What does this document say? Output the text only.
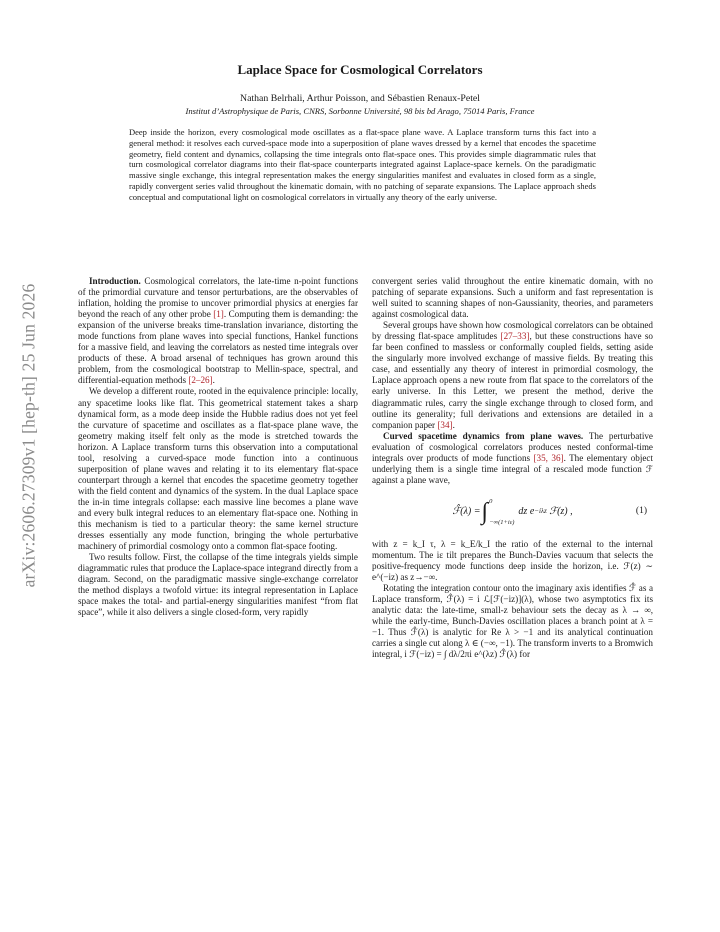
arXiv:2606.27309v1 [hep-th] 25 Jun 2026
Laplace Space for Cosmological Correlators
Nathan Belrhali, Arthur Poisson, and Sébastien Renaux-Petel
Institut d’Astrophysique de Paris, CNRS, Sorbonne Université, 98 bis bd Arago, 75014 Paris, France
Deep inside the horizon, every cosmological mode oscillates as a flat-space plane wave. A Laplace transform turns this fact into a general method: it resolves each curved-space mode into a superposition of plane waves dressed by a kernel that encodes the spacetime geometry, field content and dynamics, collapsing the time integrals onto flat-space ones. This provides simple diagrammatic rules that turn cosmological correlator diagrams into their flat-space counterparts integrated against Laplace-space kernels. On the paradigmatic massive single exchange, this integral representation makes the energy singularities manifest and evaluates in closed form as a single, rapidly convergent series valid throughout the kinematic domain, with no patching of separate expansions. The Laplace approach sheds conceptual and computational light on cosmological correlators in virtually any theory of the early universe.

Introduction. Cosmological correlators, the late-time n-point functions of the primordial curvature and tensor perturbations, are the observables of inflation, holding the promise to uncover primordial physics at energies far beyond the reach of any other probe [1]. Computing them is demanding: the expansion of the universe breaks time-translation invariance, distorting the mode functions from plane waves into special functions, Hankel functions for a massive field, and leaving the correlators as nested time integrals over products of these. A broad arsenal of techniques has grown around this problem, from the cosmological bootstrap to Mellin-space, spectral, and differential-equation methods [2–26].

We develop a different route, rooted in the equivalence principle: locally, any spacetime looks like flat. This geometrical statement takes a sharp dynamical form, as a mode deep inside the Hubble radius does not yet feel the curvature of spacetime and oscillates as a flat-space plane wave, the geometry making itself felt only as the mode is stretched towards the horizon. A Laplace transform turns this observation into a computational tool, resolving a curved-space mode function into a continuous superposition of plane waves and relating it to its elementary flat-space counterpart through a kernel that encodes the spacetime geometry together with the field content and dynamics of the system. In the dual Laplace space the in-in time integrals collapse: each massive line becomes a plane wave and every bulk integral reduces to an elementary flat-space one. Nothing in this mechanism is tied to a particular theory: the same kernel structure dresses essentially any mode function, bringing the whole perturbative machinery of primordial cosmology onto a common flat-space footing.

Two results follow. First, the collapse of the time integrals yields simple diagrammatic rules that produce the Laplace-space integrand directly from a diagram. Second, on the paradigmatic massive single-exchange correlator the method displays a twofold virtue: its integral representation in Laplace space makes the total- and partial-energy singularities manifest “from flat space”, while it also delivers a single closed-form, very rapidly

convergent series valid throughout the entire kinematic domain, with no patching of separate expansions. Such a uniform and fast representation is well suited to scanning shapes of non-Gaussianity, theories, and parameters against cosmological data.

Several groups have shown how cosmological correlators can be obtained by dressing flat-space amplitudes [27–33], but these constructions have so far been confined to massless or conformally coupled fields, setting aside the singularly more involved exchange of massive fields. By treating this case, and essentially any theory of interest in primordial cosmology, the Laplace approach opens a new route from flat space to the correlators of the early universe. In this Letter, we present the method, derive the diagrammatic rules, carry the single exchange through to closed form, and outline its generality; full derivations and extensions are detailed in a companion paper [34].

Curved spacetime dynamics from plane waves. The perturbative evaluation of cosmological correlators produces nested conformal-time integrals over products of mode functions [35, 36]. The elementary object underlying them is a single time integral of a rescaled mode function ℱ against a plane wave,

ℱ̂(λ) = ∫ 0
−∞(1+iε)
dz e −iλz
ℱ(z) ,	(1)

with z = k_I τ, λ = k_E/k_I the ratio of the external to the internal momentum. The iε tilt prepares the Bunch-Davies vacuum that selects the positive-frequency mode functions deep inside the horizon, i.e. ℱ(z) ∼ e^(−iz) as z→−∞.

Rotating the integration contour onto the imaginary axis identifies ℱ̂ as a Laplace transform, ℱ̂(λ) = i ℒ[ℱ(−iz)](λ), whose two asymptotics fix its analytic data: the late-time, small-z behaviour sets the decay as λ → ∞, while the early-time, Bunch-Davies oscillation places a branch point at λ = −1. Thus ℱ̂(λ) is analytic for Re λ > −1 and its analytical continuation carries a single cut along λ ∈ (−∞, −1). The transform inverts to a Bromwich integral, i ℱ(−iz) = ∫ dλ/2πi e^(λz) ℱ̂(λ) for
